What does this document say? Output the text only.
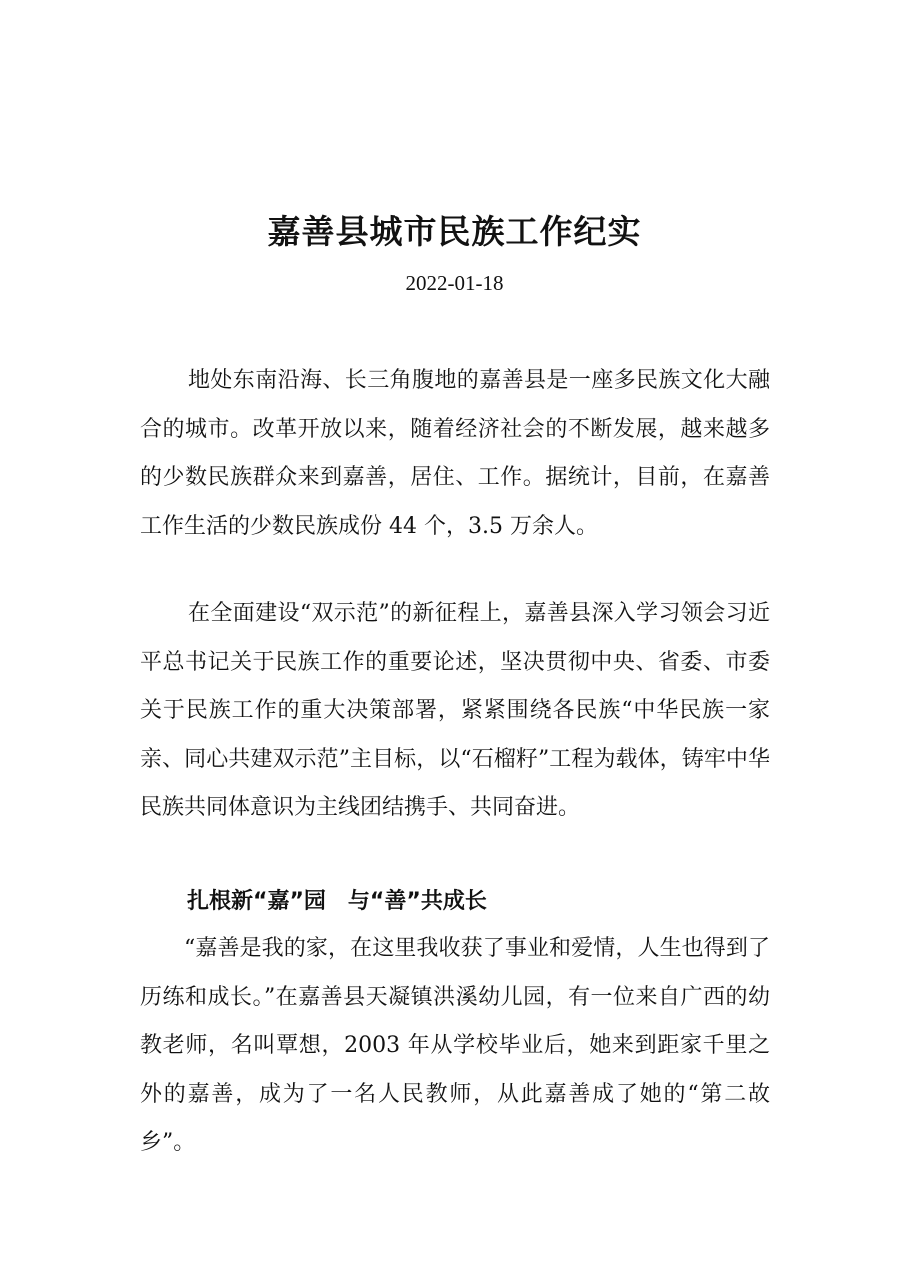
嘉善县城市民族工作纪实
2022-01-18

地处东南沿海、长三角腹地的嘉善县是一座多民族文化大融合的城市。改革开放以来，随着经济社会的不断发展，越来越多的少数民族群众来到嘉善，居住、工作。据统计，目前，在嘉善工作生活的少数民族成份 44 个，3.5 万余人。

在全面建设“双示范”的新征程上，嘉善县深入学习领会习近平总书记关于民族工作的重要论述，坚决贯彻中央、省委、市委关于民族工作的重大决策部署，紧紧围绕各民族“中华民族一家亲、同心共建双示范”主目标，以“石榴籽”工程为载体，铸牢中华民族共同体意识为主线团结携手、共同奋进。

扎根新“嘉”园　与“善”共成长

“嘉善是我的家，在这里我收获了事业和爱情，人生也得到了历练和成长。”在嘉善县天凝镇洪溪幼儿园，有一位来自广西的幼教老师，名叫覃想，2003 年从学校毕业后，她来到距家千里之外的嘉善，成为了一名人民教师，从此嘉善成了她的“第二故乡”。
